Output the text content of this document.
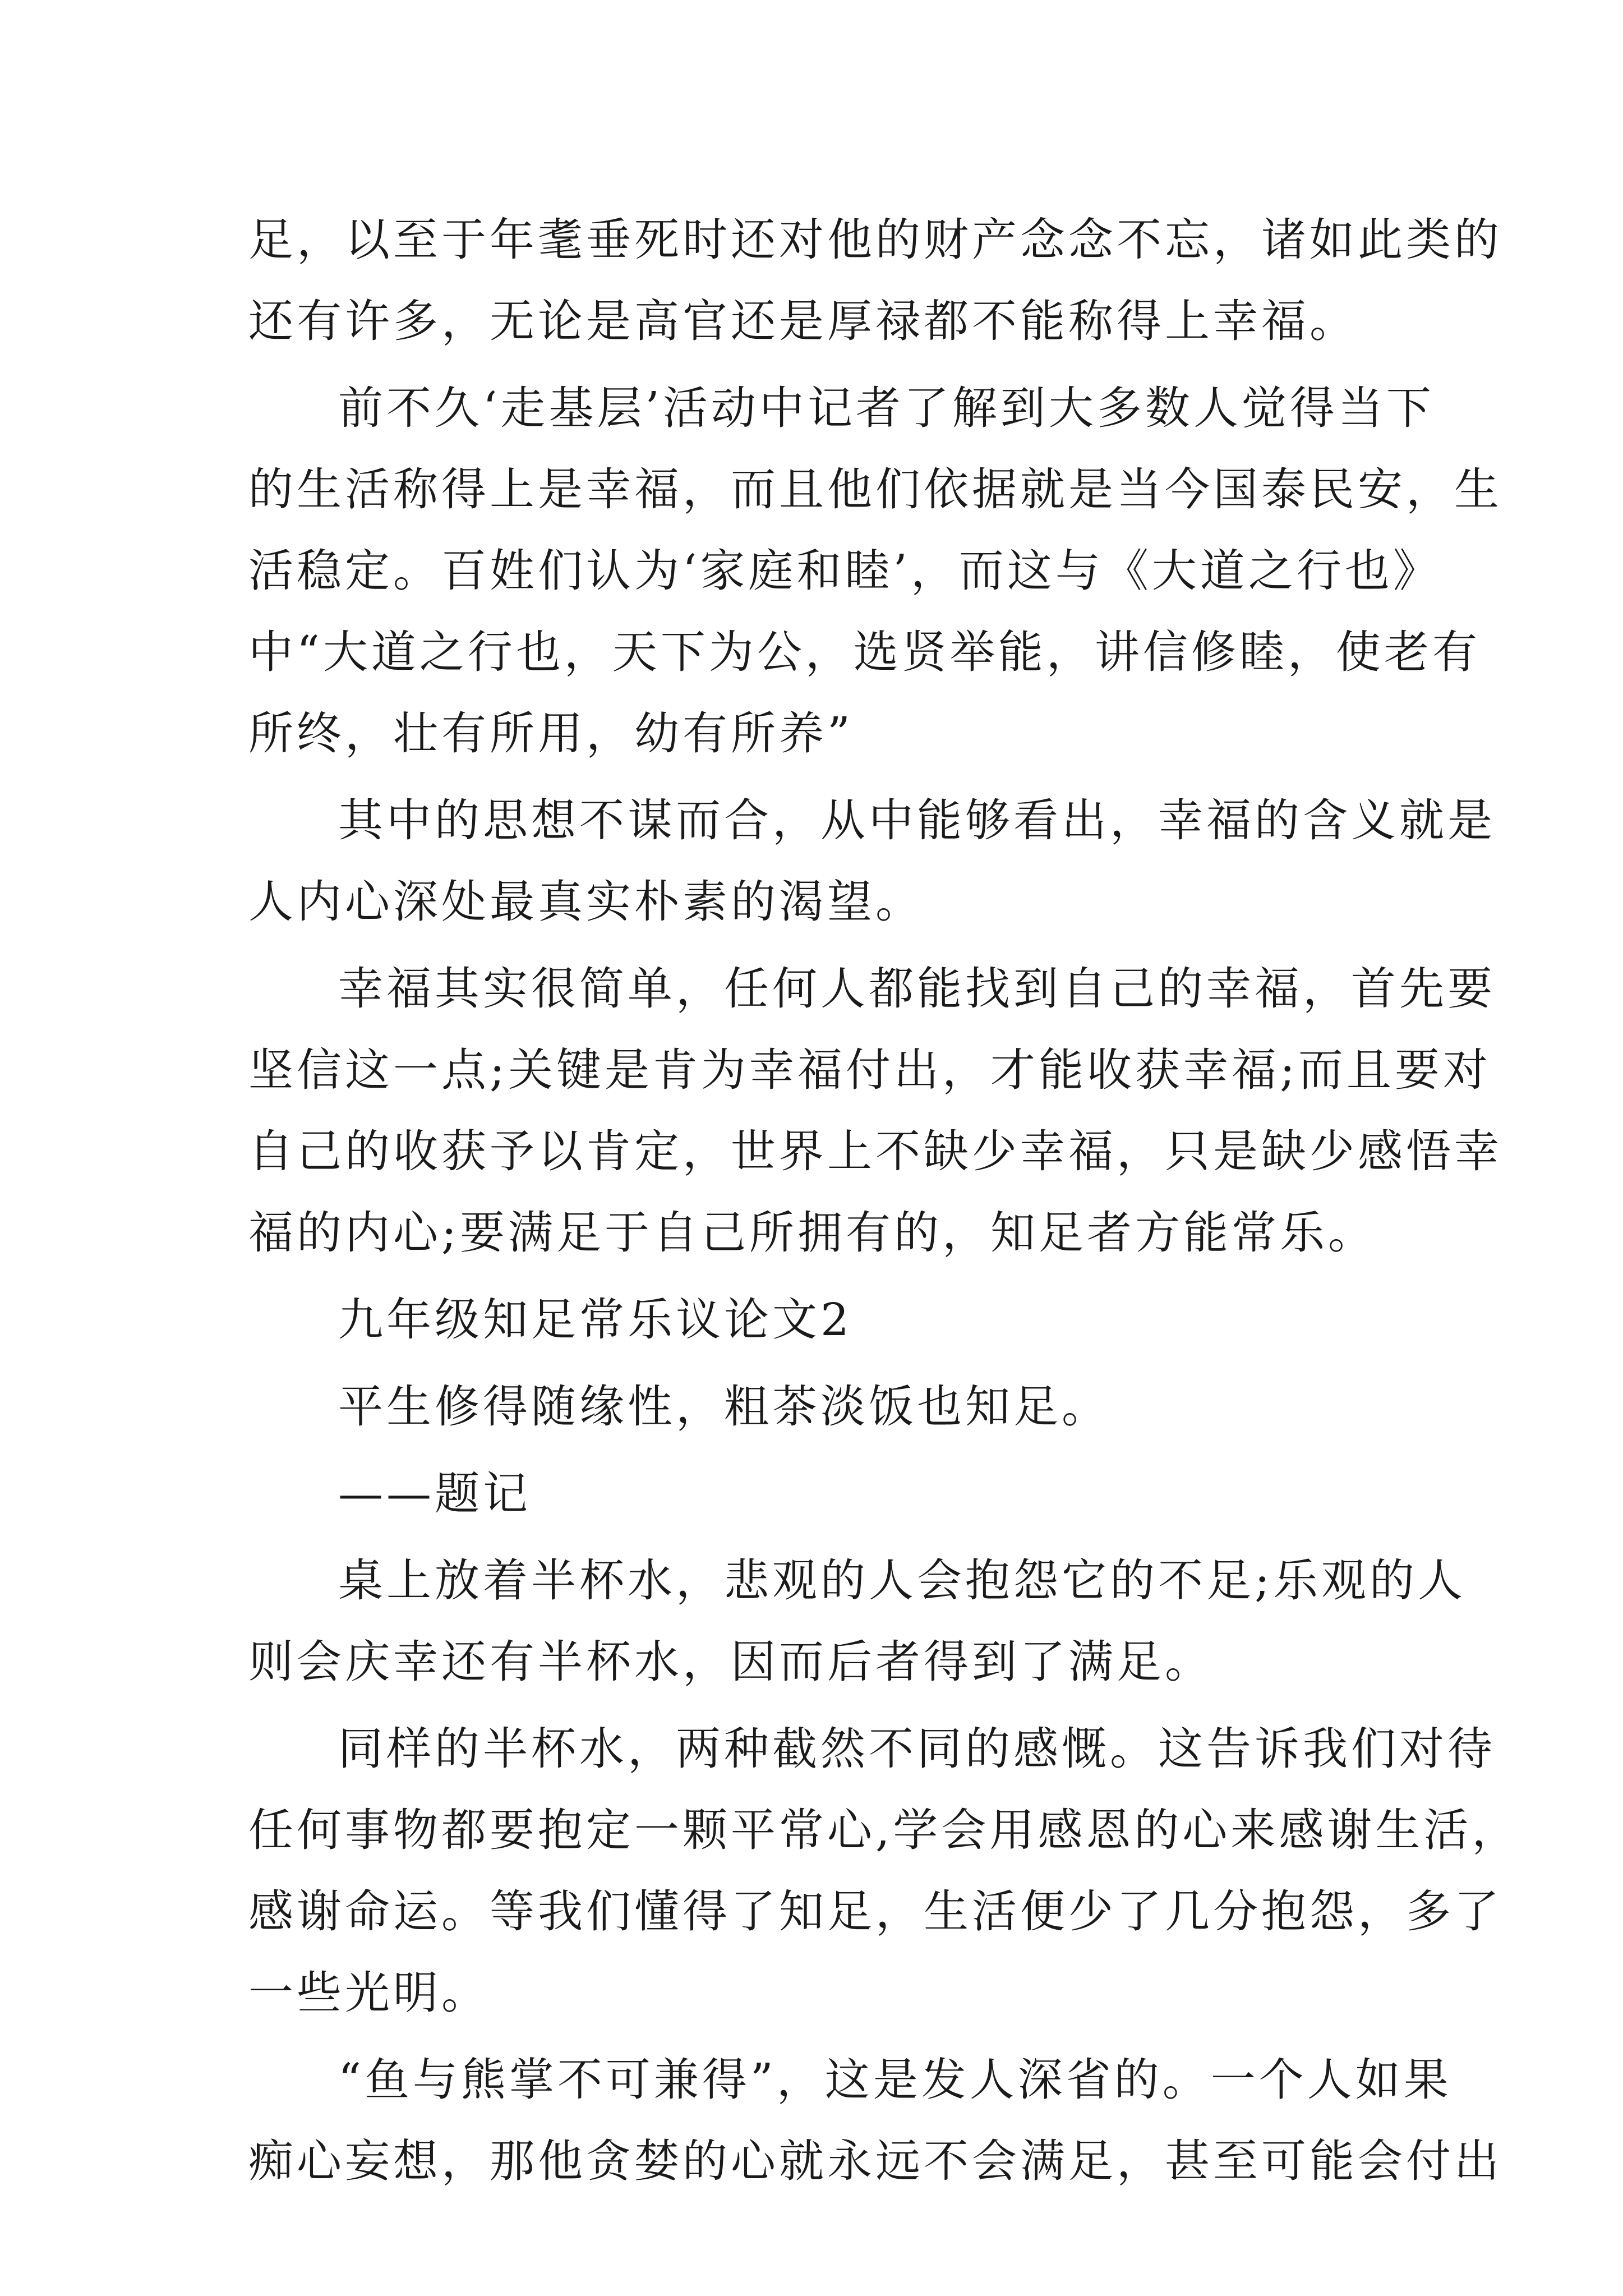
足，以至于年耄垂死时还对他的财产念念不忘，诸如此类的
还有许多，无论是高官还是厚禄都不能称得上幸福。
前不久‘走基层’活动中记者了解到大多数人觉得当下
的生活称得上是幸福，而且他们依据就是当今国泰民安，生
活稳定。百姓们认为‘家庭和睦’，而这与《大道之行也》
中“大道之行也，天下为公，选贤举能，讲信修睦，使老有
所终，壮有所用，幼有所养”
其中的思想不谋而合，从中能够看出，幸福的含义就是
人内心深处最真实朴素的渴望。
幸福其实很简单，任何人都能找到自己的幸福，首先要
坚信这一点;关键是肯为幸福付出，才能收获幸福;而且要对
自己的收获予以肯定，世界上不缺少幸福，只是缺少感悟幸
福的内心;要满足于自己所拥有的，知足者方能常乐。
九年级知足常乐议论文2
平生修得随缘性，粗茶淡饭也知足。
——题记
桌上放着半杯水，悲观的人会抱怨它的不足;乐观的人
则会庆幸还有半杯水，因而后者得到了满足。
同样的半杯水，两种截然不同的感慨。这告诉我们对待
任何事物都要抱定一颗平常心,学会用感恩的心来感谢生活，
感谢命运。等我们懂得了知足，生活便少了几分抱怨，多了
一些光明。
“鱼与熊掌不可兼得”，这是发人深省的。一个人如果
痴心妄想，那他贪婪的心就永远不会满足，甚至可能会付出
